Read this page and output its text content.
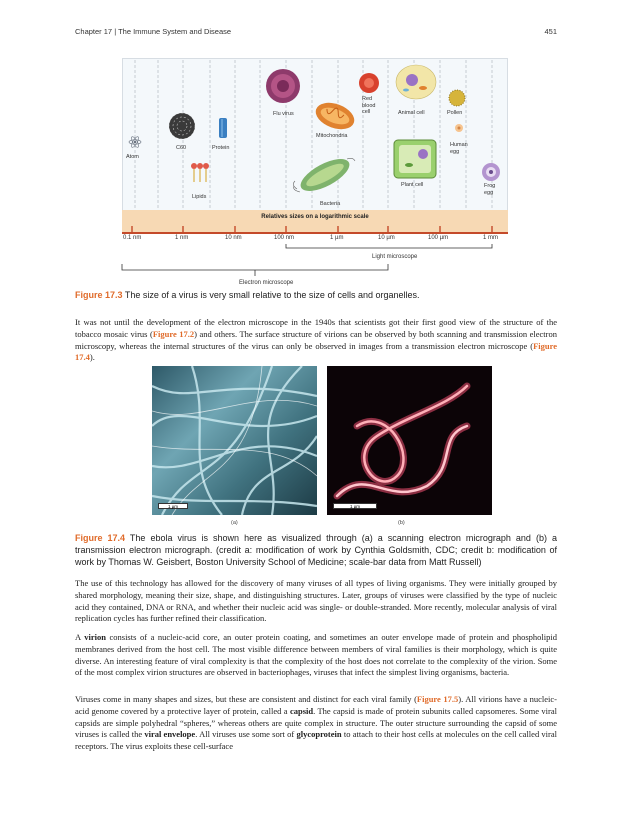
Chapter 17 | The Immune System and Disease	451
Relatives sizes on a logarithmic scale
Atom
C60	Protein
Lipids
Flu virus
Mitochondria
Red
blood
cell	Animal cell	Pollen
Human
egg
Bacteria
Plant cell	Frog
egg
0.1 nm	1 nm	10 nm	100 nm	1 µm	10 µm	100 µm	1 mm
Light microscope
Electron microscope
Figure 17.3 The size of a virus is very small relative to the size of cells and organelles.
It was not until the development of the electron microscope in the 1940s that scientists got their first good view of the structure of the tobacco mosaic virus (Figure 17.2) and others. The surface structure of virions can be observed by both scanning and transmission electron microscopy, whereas the internal structures of the virus can only be observed in images from a transmission electron microscope (Figure 17.4).
1 µm	1 µm
(a)	(b)
Figure 17.4 The ebola virus is shown here as visualized through (a) a scanning electron micrograph and (b) a transmission electron micrograph. (credit a: modification of work by Cynthia Goldsmith, CDC; credit b: modification of work by Thomas W. Geisbert, Boston University School of Medicine; scale-bar data from Matt Russell)
The use of this technology has allowed for the discovery of many viruses of all types of living organisms. They were initially grouped by shared morphology, meaning their size, shape, and distinguishing structures. Later, groups of viruses were classified by the type of nucleic acid they contained, DNA or RNA, and whether their nucleic acid was single- or double-stranded. More recently, molecular analysis of viral replication cycles has further refined their classification.
A virion consists of a nucleic-acid core, an outer protein coating, and sometimes an outer envelope made of protein and phospholipid membranes derived from the host cell. The most visible difference between members of viral families is their morphology, which is quite diverse. An interesting feature of viral complexity is that the complexity of the host does not correlate to the complexity of the virion. Some of the most complex virion structures are observed in bacteriophages, viruses that infect the simplest living organisms, bacteria.
Viruses come in many shapes and sizes, but these are consistent and distinct for each viral family (Figure 17.5). All virions have a nucleic-acid genome covered by a protective layer of protein, called a capsid. The capsid is made of protein subunits called capsomeres. Some viral capsids are simple polyhedral “spheres,” whereas others are quite complex in structure. The outer structure surrounding the capsid of some viruses is called the viral envelope. All viruses use some sort of glycoprotein to attach to their host cells at molecules on the cell called viral receptors. The virus exploits these cell-surface
